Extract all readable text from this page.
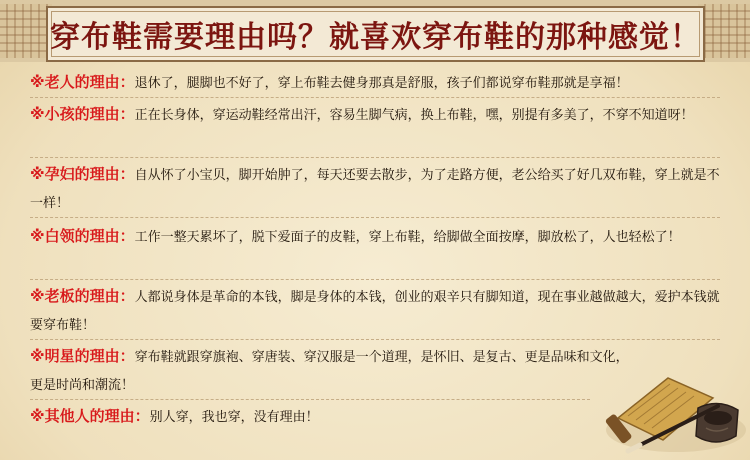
穿布鞋需要理由吗？就喜欢穿布鞋的那种感觉！
※老人的理由：退休了，腿脚也不好了，穿上布鞋去健身那真是舒服，孩子们都说穿布鞋那就是享福！
※小孩的理由：正在长身体，穿运动鞋经常出汗，容易生脚气病，换上布鞋，嘿，别提有多美了，不穿不知道呀！
※孕妇的理由：自从怀了小宝贝，脚开始肿了，每天还要去散步，为了走路方便，老公给买了好几双布鞋，穿上就是不一样！
※白领的理由：工作一整天累坏了，脱下爱面子的皮鞋，穿上布鞋，给脚做全面按摩，脚放松了，人也轻松了！
※老板的理由：人都说身体是革命的本钱，脚是身体的本钱，创业的艰辛只有脚知道，现在事业越做越大，爱护本钱就要穿布鞋！
※明星的理由：穿布鞋就跟穿旗袍、穿唐装、穿汉服是一个道理，是怀旧、是复古、更是品味和文化，更是时尚和潮流！
※其他人的理由：别人穿，我也穿，没有理由！
